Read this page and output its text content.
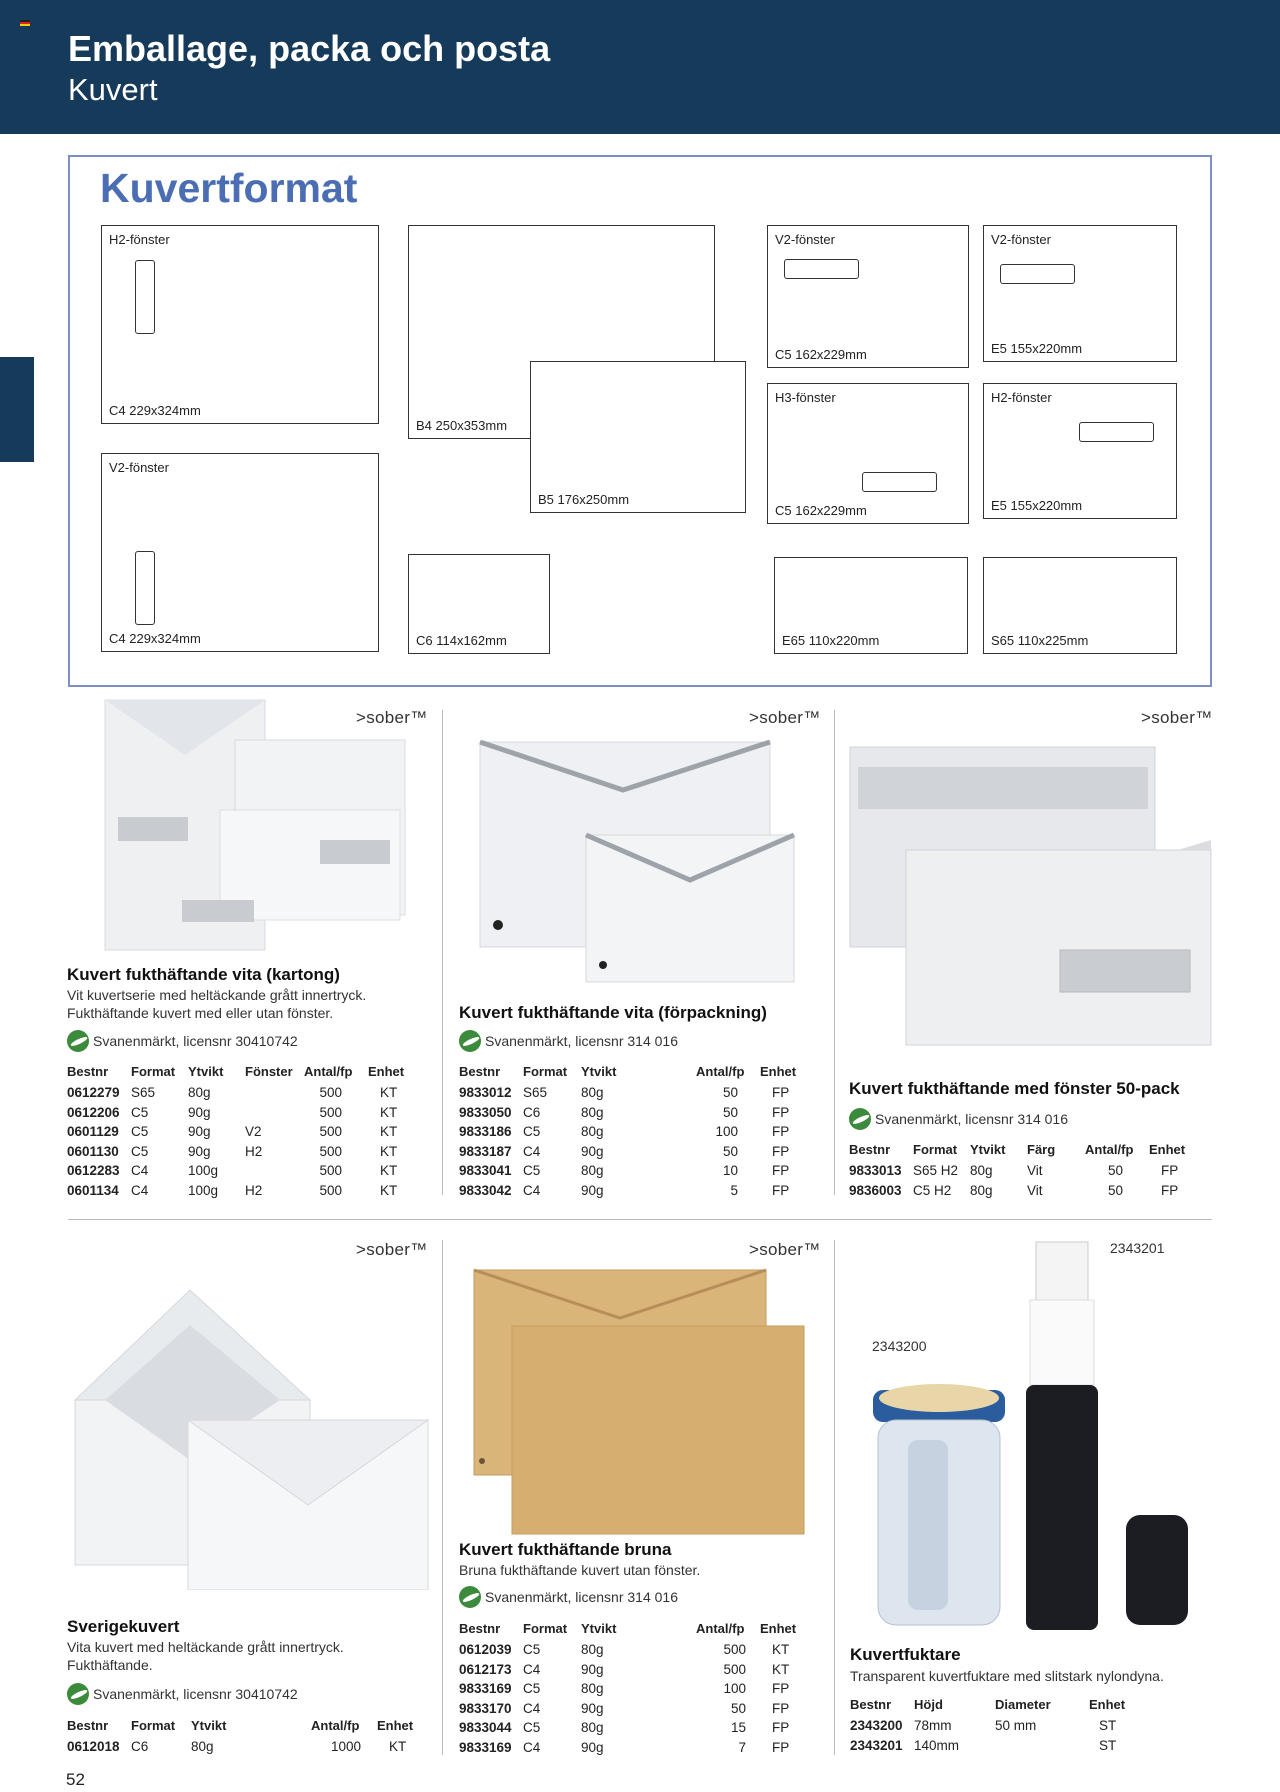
Emballage, packa och posta
Kuvert
Kuvertformat
H2-fönster
C4 229x324mm
B4 250x353mm
B5 176x250mm
V2-fönster
C5 162x229mm
V2-fönster
E5 155x220mm
V2-fönster
C4 229x324mm
H3-fönster
C5 162x229mm
H2-fönster
E5 155x220mm
C6 114x162mm	E65 110x220mm	S65 110x225mm
>sober™	>sober™	>sober™
>sober™	>sober™
2343200
2343201
Kuvert fukthäftande vita (kartong)
Vit kuvertserie med heltäckande grått innertryck.
Fukthäftande kuvert med eller utan fönster.
Svanenmärkt, licensnr 30410742
Bestnr	Format	Ytvikt	Fönster	Antal/fp	Enhet
0612279	S65	80g		500	KT
0612206	C5	90g		500	KT
0601129	C5	90g	V2	500	KT
0601130	C5	90g	H2	500	KT
0612283	C4	100g		500	KT
0601134	C4	100g	H2	500	KT
Kuvert fukthäftande vita (förpackning)
Svanenmärkt, licensnr 314 016
Bestnr	Format	Ytvikt	Antal/fp	Enhet
9833012	S65	80g	50	FP
9833050	C6	80g	50	FP
9833186	C5	80g	100	FP
9833187	C4	90g	50	FP
9833041	C5	80g	10	FP
9833042	C4	90g	5	FP
Kuvert fukthäftande med fönster 50-pack
Svanenmärkt, licensnr 314 016
Bestnr	Format	Ytvikt	Färg	Antal/fp	Enhet
9833013	S65 H2	80g	Vit	50	FP
9836003	C5 H2	80g	Vit	50	FP
Sverigekuvert
Vita kuvert med heltäckande grått innertryck.
Fukthäftande.
Svanenmärkt, licensnr 30410742
Bestnr	Format	Ytvikt	Antal/fp	Enhet
0612018	C6	80g	1000	KT
Kuvert fukthäftande bruna
Bruna fukthäftande kuvert utan fönster.
Svanenmärkt, licensnr 314 016
Bestnr	Format	Ytvikt	Antal/fp	Enhet
0612039	C5	80g	500	KT
0612173	C4	90g	500	KT
9833169	C5	80g	100	FP
9833170	C4	90g	50	FP
9833044	C5	80g	15	FP
9833169	C4	90g	7	FP
Kuvertfuktare
Transparent kuvertfuktare med slitstark nylondyna.
Bestnr	Höjd	Diameter	Enhet
2343200	78mm	50 mm	ST
2343201	140mm		ST
52
